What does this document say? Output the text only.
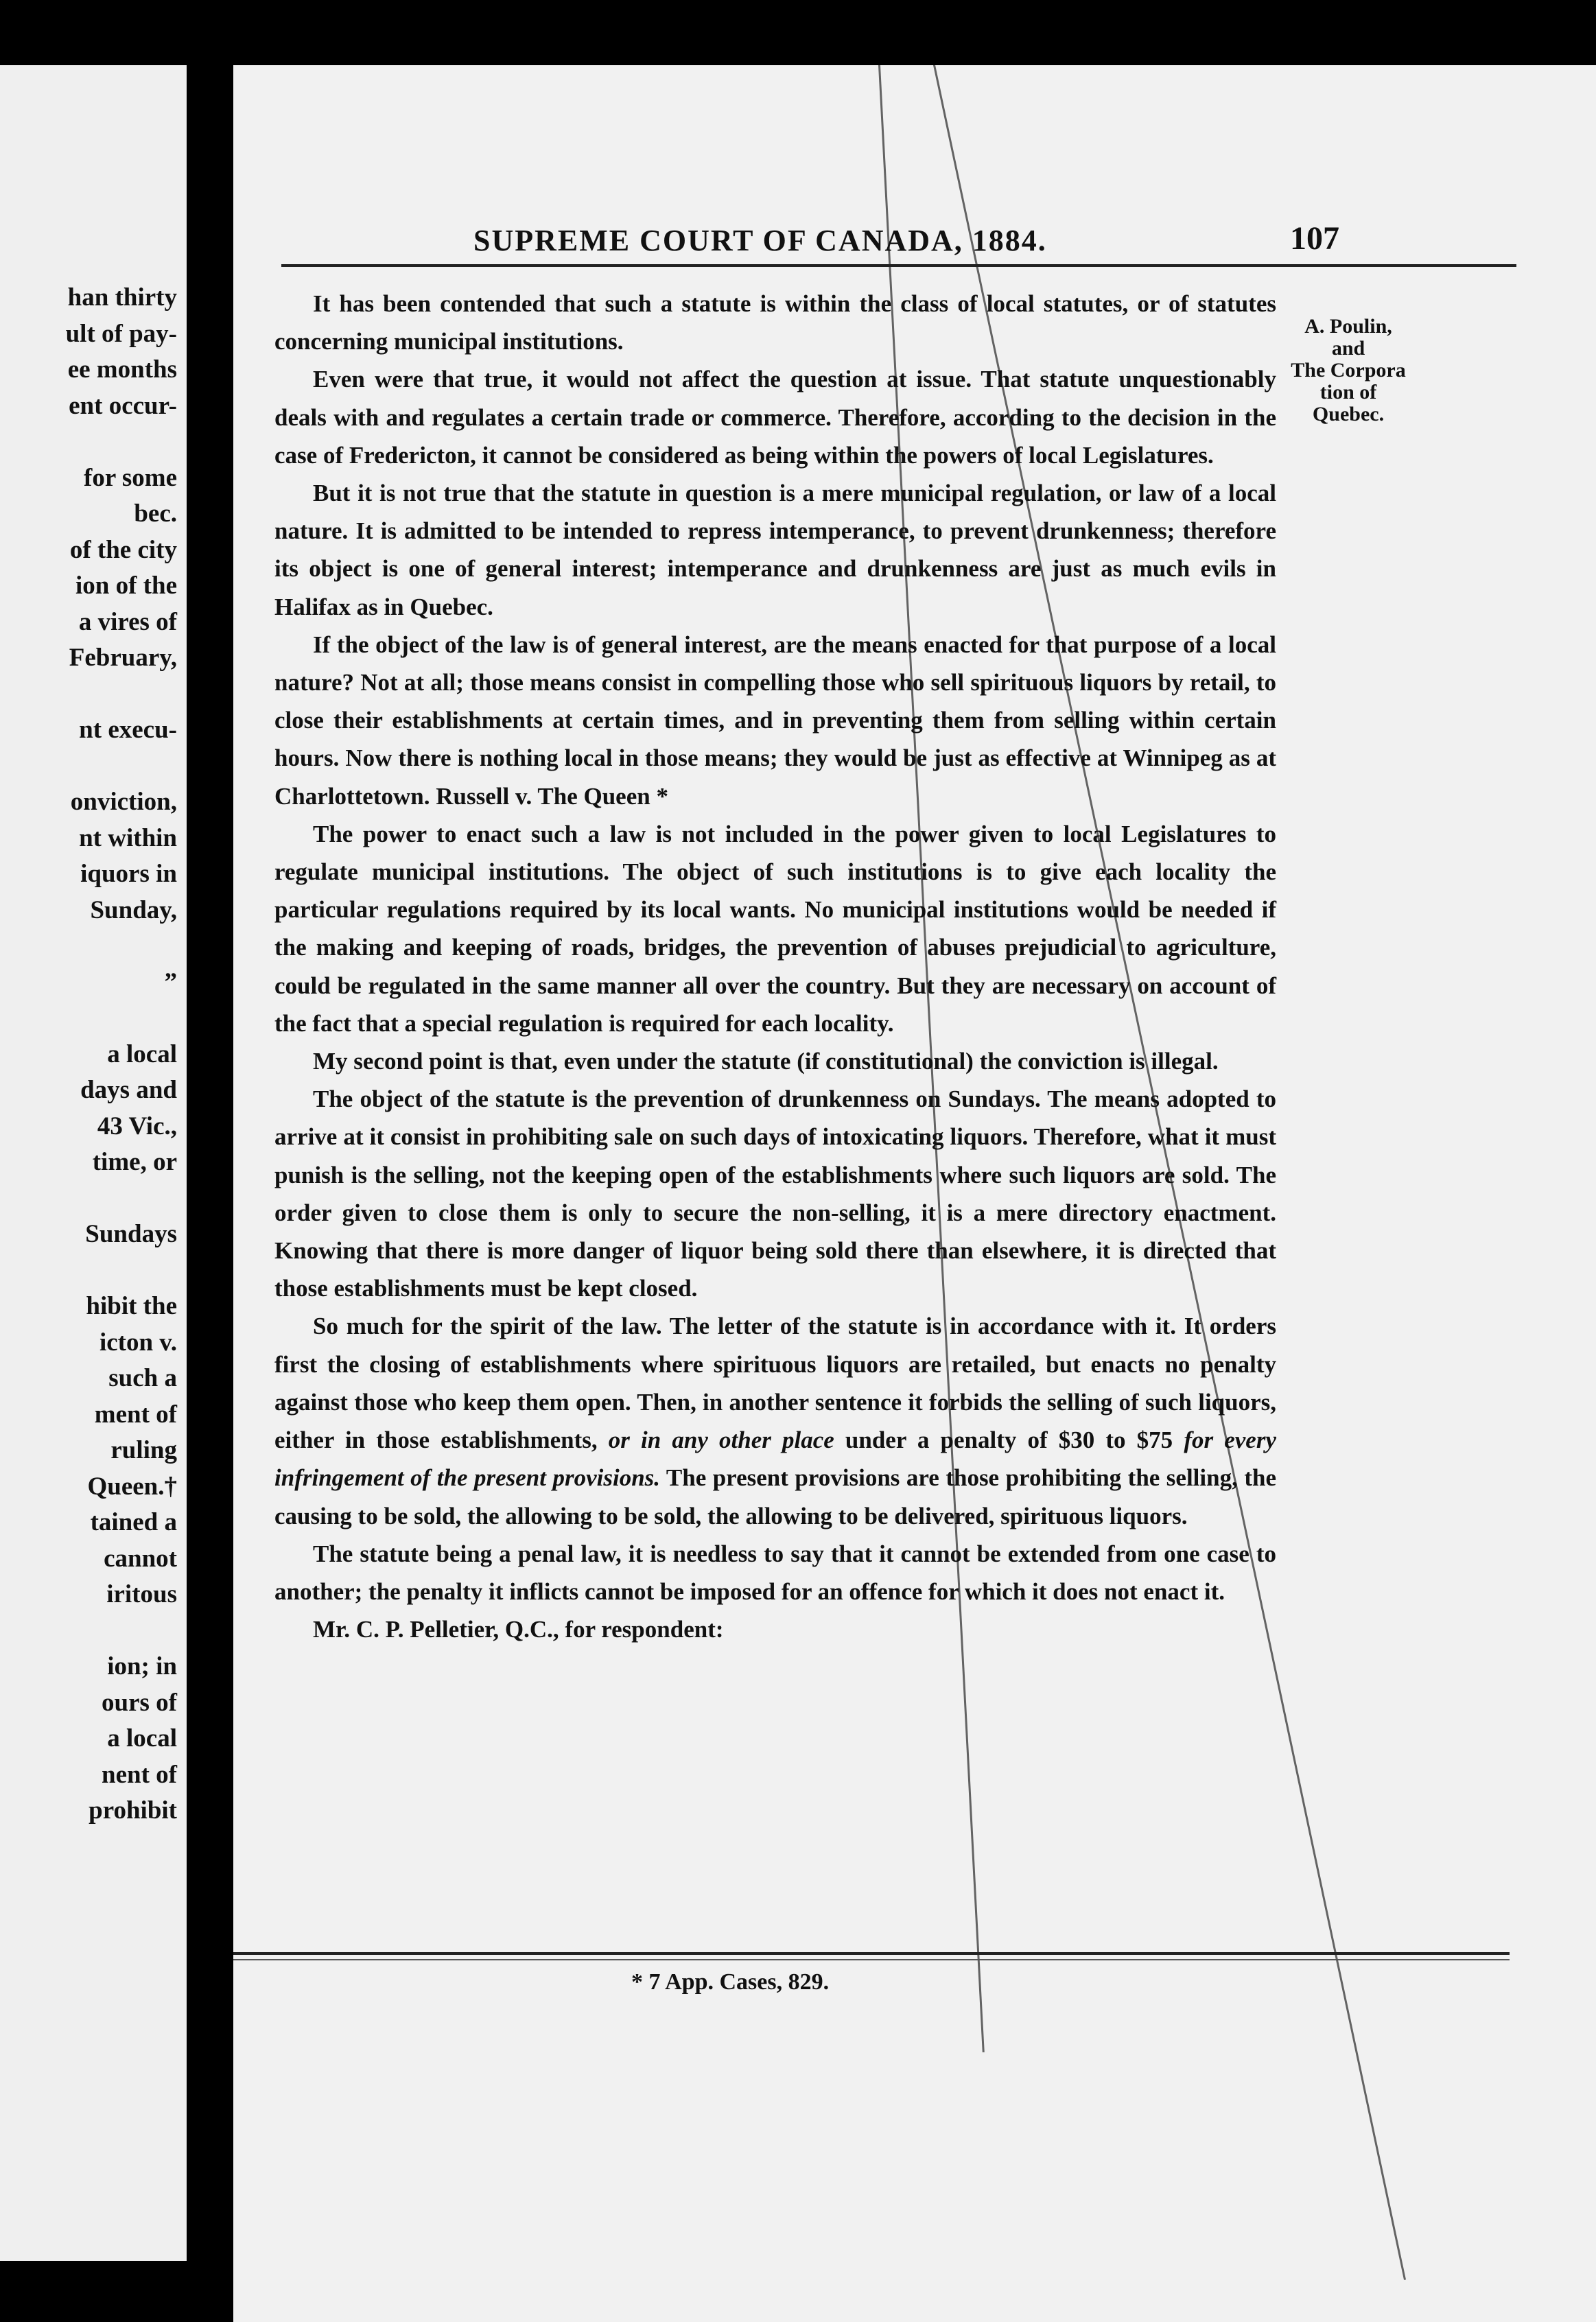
han thirty
ult of pay-
ee months
ent occur-
for some
bec.
of the city
ion of the
a vires of
February,
nt execu-
onviction,
nt within
iquors in
Sunday,
”
a local
days and
43 Vic.,
time, or
Sundays
hibit the
icton v.
such a
ment of
ruling
Queen.†
tained a
cannot
iritous
ion; in
ours of
a local
nent of
prohibit
SUPREME COURT OF CANADA, 1884.	107
A. Poulin,
and
The Corpora
tion of Quebec.

It has been contended that such a statute is within the class of local statutes, or of statutes concerning municipal institutions.

Even were that true, it would not affect the question at issue. That statute unquestionably deals with and regulates a certain trade or commerce. Therefore, according to the decision in the case of Fredericton, it cannot be considered as being within the powers of local Legislatures.

But it is not true that the statute in question is a mere municipal regulation, or law of a local nature. It is admitted to be intended to repress intemperance, to prevent drunkenness; therefore its object is one of general interest; intemperance and drunkenness are just as much evils in Halifax as in Quebec.

If the object of the law is of general interest, are the means enacted for that purpose of a local nature? Not at all; those means consist in compelling those who sell spirituous liquors by retail, to close their establishments at certain times, and in preventing them from selling within certain hours. Now there is nothing local in those means; they would be just as effective at Winnipeg as at Charlottetown. Russell v. The Queen *

The power to enact such a law is not included in the power given to local Legislatures to regulate municipal institutions. The object of such institutions is to give each locality the particular regulations required by its local wants. No municipal institutions would be needed if the making and keeping of roads, bridges, the prevention of abuses prejudicial to agriculture, could be regulated in the same manner all over the country. But they are necessary on account of the fact that a special regulation is required for each locality.

My second point is that, even under the statute (if constitutional) the conviction is illegal.

The object of the statute is the prevention of drunkenness on Sundays. The means adopted to arrive at it consist in prohibiting sale on such days of intoxicating liquors. Therefore, what it must punish is the selling, not the keeping open of the establishments where such liquors are sold. The order given to close them is only to secure the non-selling, it is a mere directory enactment. Knowing that there is more danger of liquor being sold there than elsewhere, it is directed that those establishments must be kept closed.

So much for the spirit of the law. The letter of the statute is in accordance with it. It orders first the closing of establishments where spirituous liquors are retailed, but enacts no penalty against those who keep them open. Then, in another sentence it forbids the selling of such liquors, either in those establishments, or in any other place under a penalty of $30 to $75 for every infringement of the present provisions. The present provisions are those prohibiting the selling, the causing to be sold, the allowing to be sold, the allowing to be delivered, spirituous liquors.

The statute being a penal law, it is needless to say that it cannot be extended from one case to another; the penalty it inflicts cannot be imposed for an offence for which it does not enact it.

Mr. C. P. Pelletier, Q.C., for respondent:

* 7 App. Cases, 829.
